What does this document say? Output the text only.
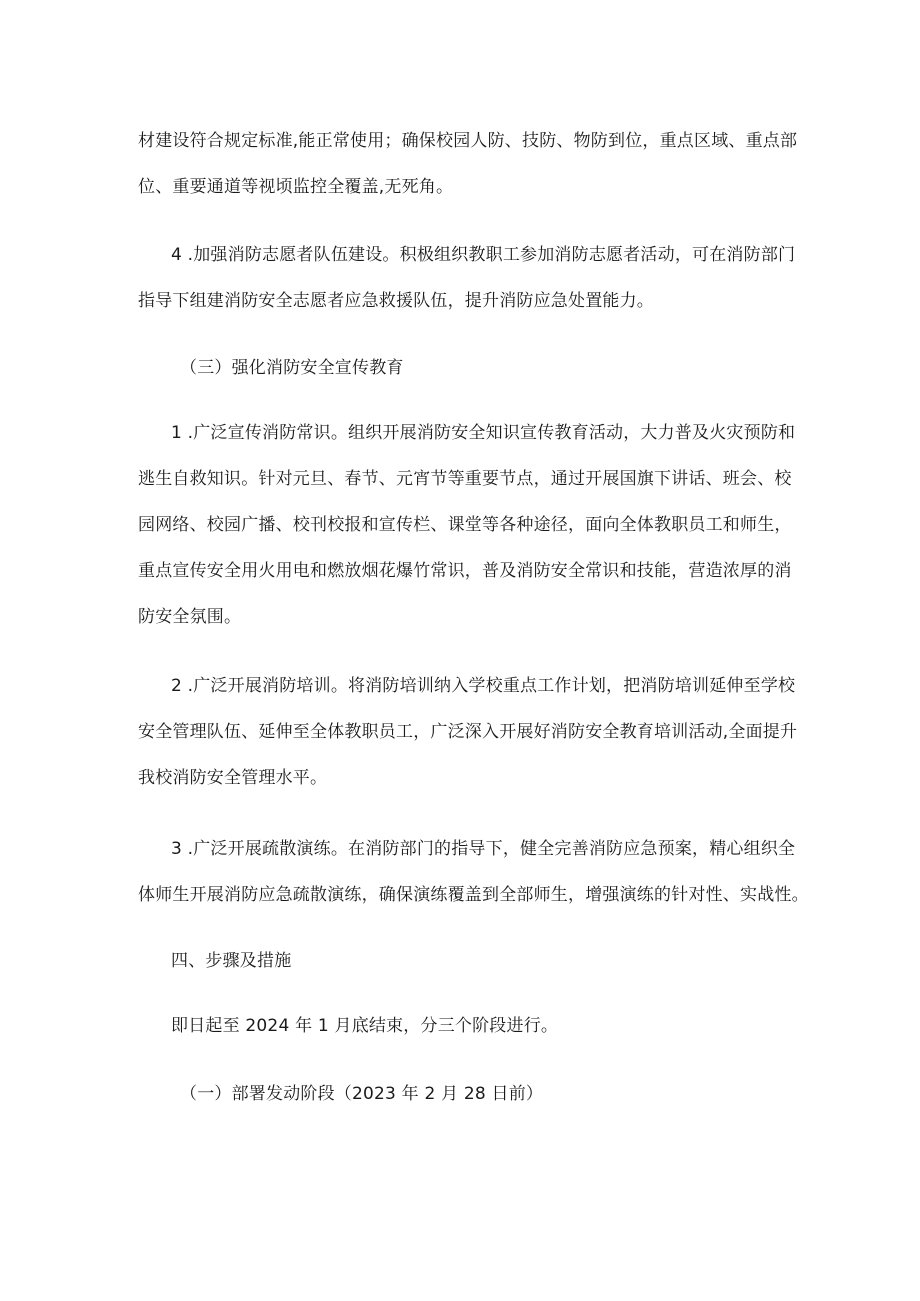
材建设符合规定标准,能正常使用；确保校园人防、技防、物防到位，重点区域、重点部
位、重要通道等视顷监控全覆盖,无死角。
4 .加强消防志愿者队伍建设。积极组织教职工参加消防志愿者活动，可在消防部门
指导下组建消防安全志愿者应急救援队伍，提升消防应急处置能力。
（三）强化消防安全宣传教育
1 .广泛宣传消防常识。组织开展消防安全知识宣传教育活动，大力普及火灾预防和
逃生自救知识。针对元旦、春节、元宵节等重要节点，通过开展国旗下讲话、班会、校
园网络、校园广播、校刊校报和宣传栏、课堂等各种途径，面向全体教职员工和师生，
重点宣传安全用火用电和燃放烟花爆竹常识，普及消防安全常识和技能，营造浓厚的消
防安全氛围。
2 .广泛开展消防培训。将消防培训纳入学校重点工作计划，把消防培训延伸至学校
安全管理队伍、延伸至全体教职员工，广泛深入开展好消防安全教育培训活动,全面提升
我校消防安全管理水平。
3 .广泛开展疏散演练。在消防部门的指导下，健全完善消防应急预案，精心组织全
体师生开展消防应急疏散演练，确保演练覆盖到全部师生，增强演练的针对性、实战性。
四、步骤及措施
即日起至 2024 年 1 月底结束，分三个阶段进行。
（一）部署发动阶段（2023 年 2 月 28 日前）
